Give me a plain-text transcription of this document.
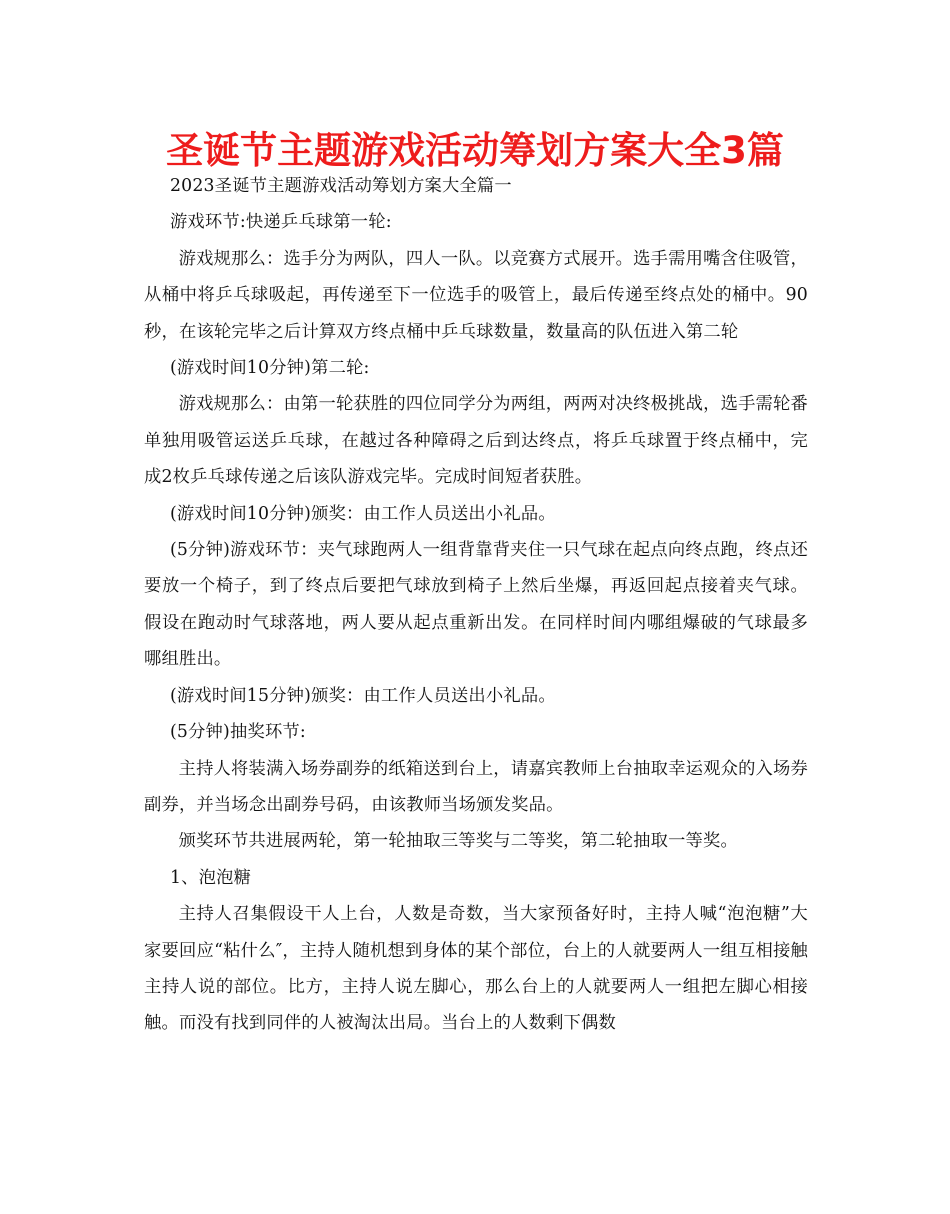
圣诞节主题游戏活动筹划方案大全3篇

2023圣诞节主题游戏活动筹划方案大全篇一

游戏环节:快递乒乓球第一轮:

游戏规那么：选手分为两队，四人一队。以竞赛方式展开。选手需用嘴含住吸管，从桶中将乒乓球吸起，再传递至下一位选手的吸管上，最后传递至终点处的桶中。90秒，在该轮完毕之后计算双方终点桶中乒乓球数量，数量高的队伍进入第二轮

(游戏时间10分钟)第二轮:

游戏规那么：由第一轮获胜的四位同学分为两组，两两对决终极挑战，选手需轮番单独用吸管运送乒乓球，在越过各种障碍之后到达终点，将乒乓球置于终点桶中，完成2枚乒乓球传递之后该队游戏完毕。完成时间短者获胜。

(游戏时间10分钟)颁奖：由工作人员送出小礼品。

(5分钟)游戏环节：夹气球跑两人一组背靠背夹住一只气球在起点向终点跑，终点还要放一个椅子，到了终点后要把气球放到椅子上然后坐爆，再返回起点接着夹气球。假设在跑动时气球落地，两人要从起点重新出发。在同样时间内哪组爆破的气球最多哪组胜出。

(游戏时间15分钟)颁奖：由工作人员送出小礼品。

(5分钟)抽奖环节:

主持人将装满入场券副券的纸箱送到台上，请嘉宾教师上台抽取幸运观众的入场券副券，并当场念出副券号码，由该教师当场颁发奖品。

颁奖环节共进展两轮，第一轮抽取三等奖与二等奖，第二轮抽取一等奖。

1、泡泡糖

主持人召集假设干人上台，人数是奇数，当大家预备好时，主持人喊“泡泡糖”大家要回应“粘什么″，主持人随机想到身体的某个部位，台上的人就要两人一组互相接触主持人说的部位。比方，主持人说左脚心，那么台上的人就要两人一组把左脚心相接触。而没有找到同伴的人被淘汰出局。当台上的人数剩下偶数
